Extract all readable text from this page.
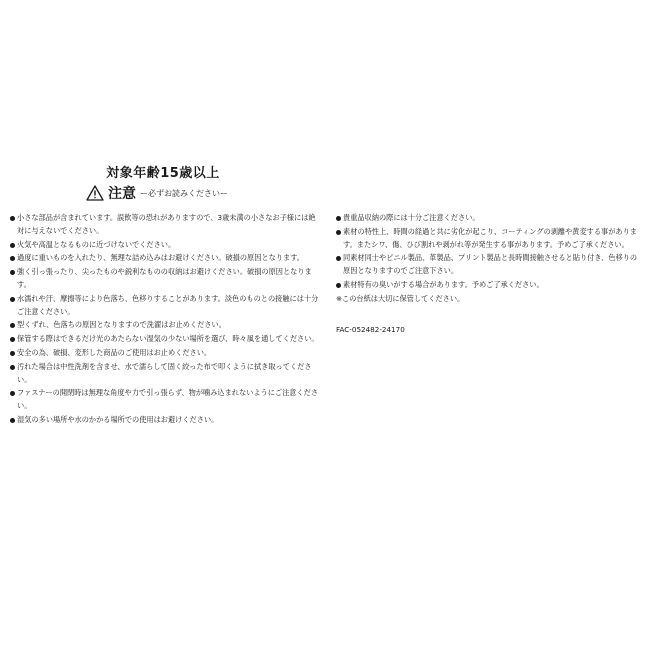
対象年齢15歳以上
注意 ー必ずお読みくださいー
小さな部品が含まれています。誤飲等の恐れがありますので、3歳未満の小さなお子様には絶対に与えないでください。
火気や高温となるものに近づけないでください。
過度に重いものを入れたり、無理な詰め込みはお避けください。破損の原因となります。
強く引っ張ったり、尖ったものや鋭利なものの収納はお避けください。破損の原因となります。
水濡れや汗、摩擦等により色落ち、色移りすることがあります。淡色のものとの接触には十分ご注意ください。
型くずれ、色落ちの原因となりますので洗濯はお止めください。
保管する際はできるだけ光のあたらない湿気の少ない場所を選び、時々風を通してください。
安全の為、破損、変形した商品のご使用はお止めください。
汚れた場合は中性洗剤を含ませ、水で濡らして固く絞った布で叩くように拭き取ってください。
ファスナーの開閉時は無理な角度や力で引っ張らず、物が噛み込まれないようにご注意ください。
湿気の多い場所や水のかかる場所での使用はお避けください。
貴重品収納の際には十分ご注意ください。
素材の特性上、時間の経過と共に劣化が起こり、コーティングの剥離や黄変する事があります。またシワ、傷、ひび割れや剥がれ等が発生する事があります。予めご了承ください。
同素材同士やビニル製品、革製品、プリント製品と長時間接触させると貼り付き、色移りの原因となりますのでご注意下さい。
素材特有の臭いがする場合があります。予めご了承ください。
※この台紙は大切に保管してください。
FAC-052482-24170
